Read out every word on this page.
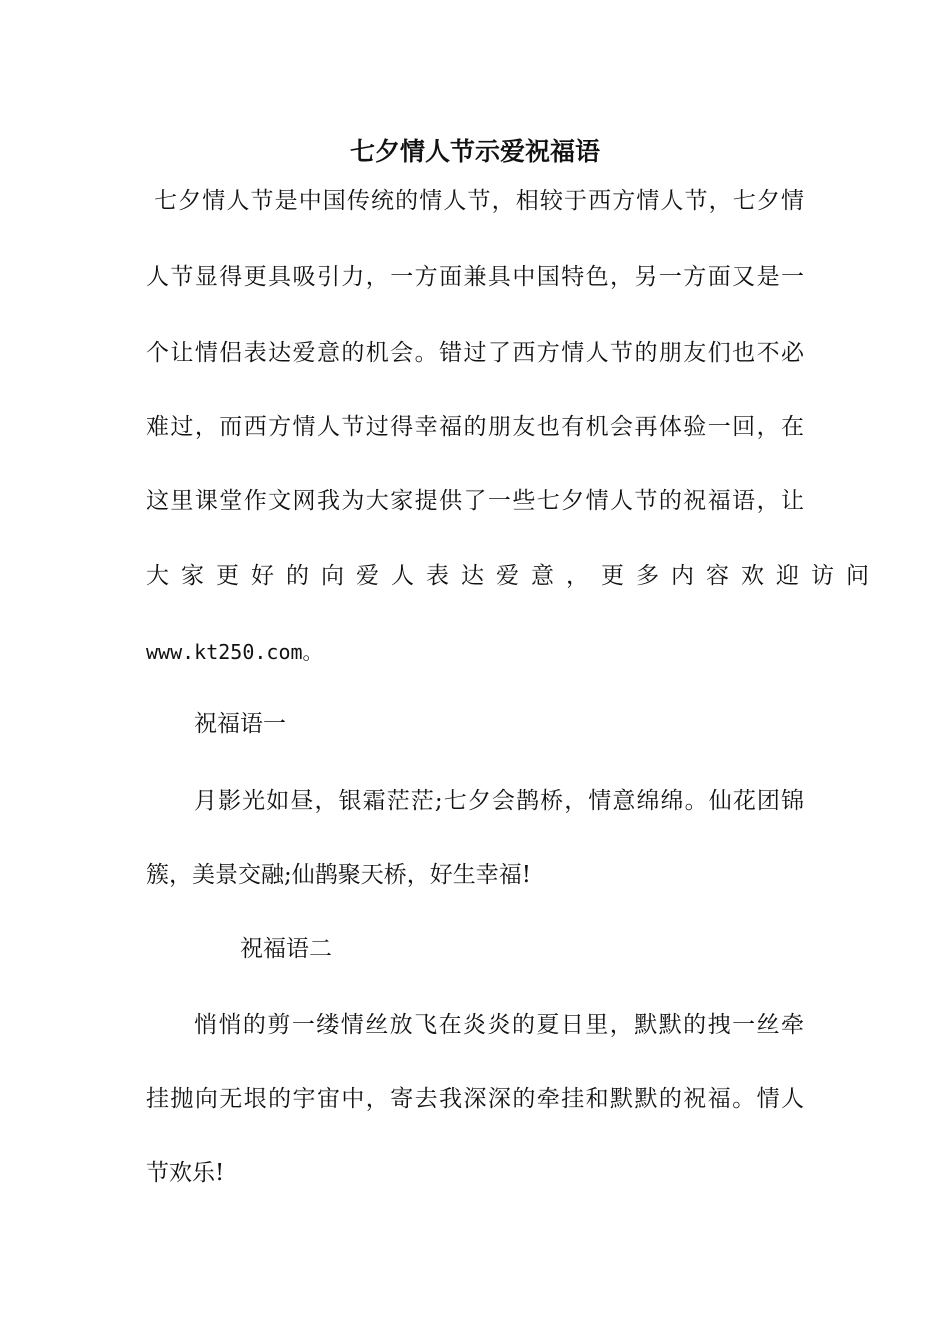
七夕情人节示爱祝福语

七夕情人节是中国传统的情人节，相较于西方情人节，七夕情

人节显得更具吸引力，一方面兼具中国特色，另一方面又是一

个让情侣表达爱意的机会。错过了西方情人节的朋友们也不必

难过，而西方情人节过得幸福的朋友也有机会再体验一回，在

这里课堂作文网我为大家提供了一些七夕情人节的祝福语，让

大家更好的向爱人表达爱意，更多内容欢迎访问

www.kt250.com。

祝福语一

月影光如昼，银霜茫茫;七夕会鹊桥，情意绵绵。仙花团锦

簇，美景交融;仙鹊聚天桥，好生幸福!

祝福语二

悄悄的剪一缕情丝放飞在炎炎的夏日里，默默的拽一丝牵

挂抛向无垠的宇宙中，寄去我深深的牵挂和默默的祝福。情人

节欢乐!
